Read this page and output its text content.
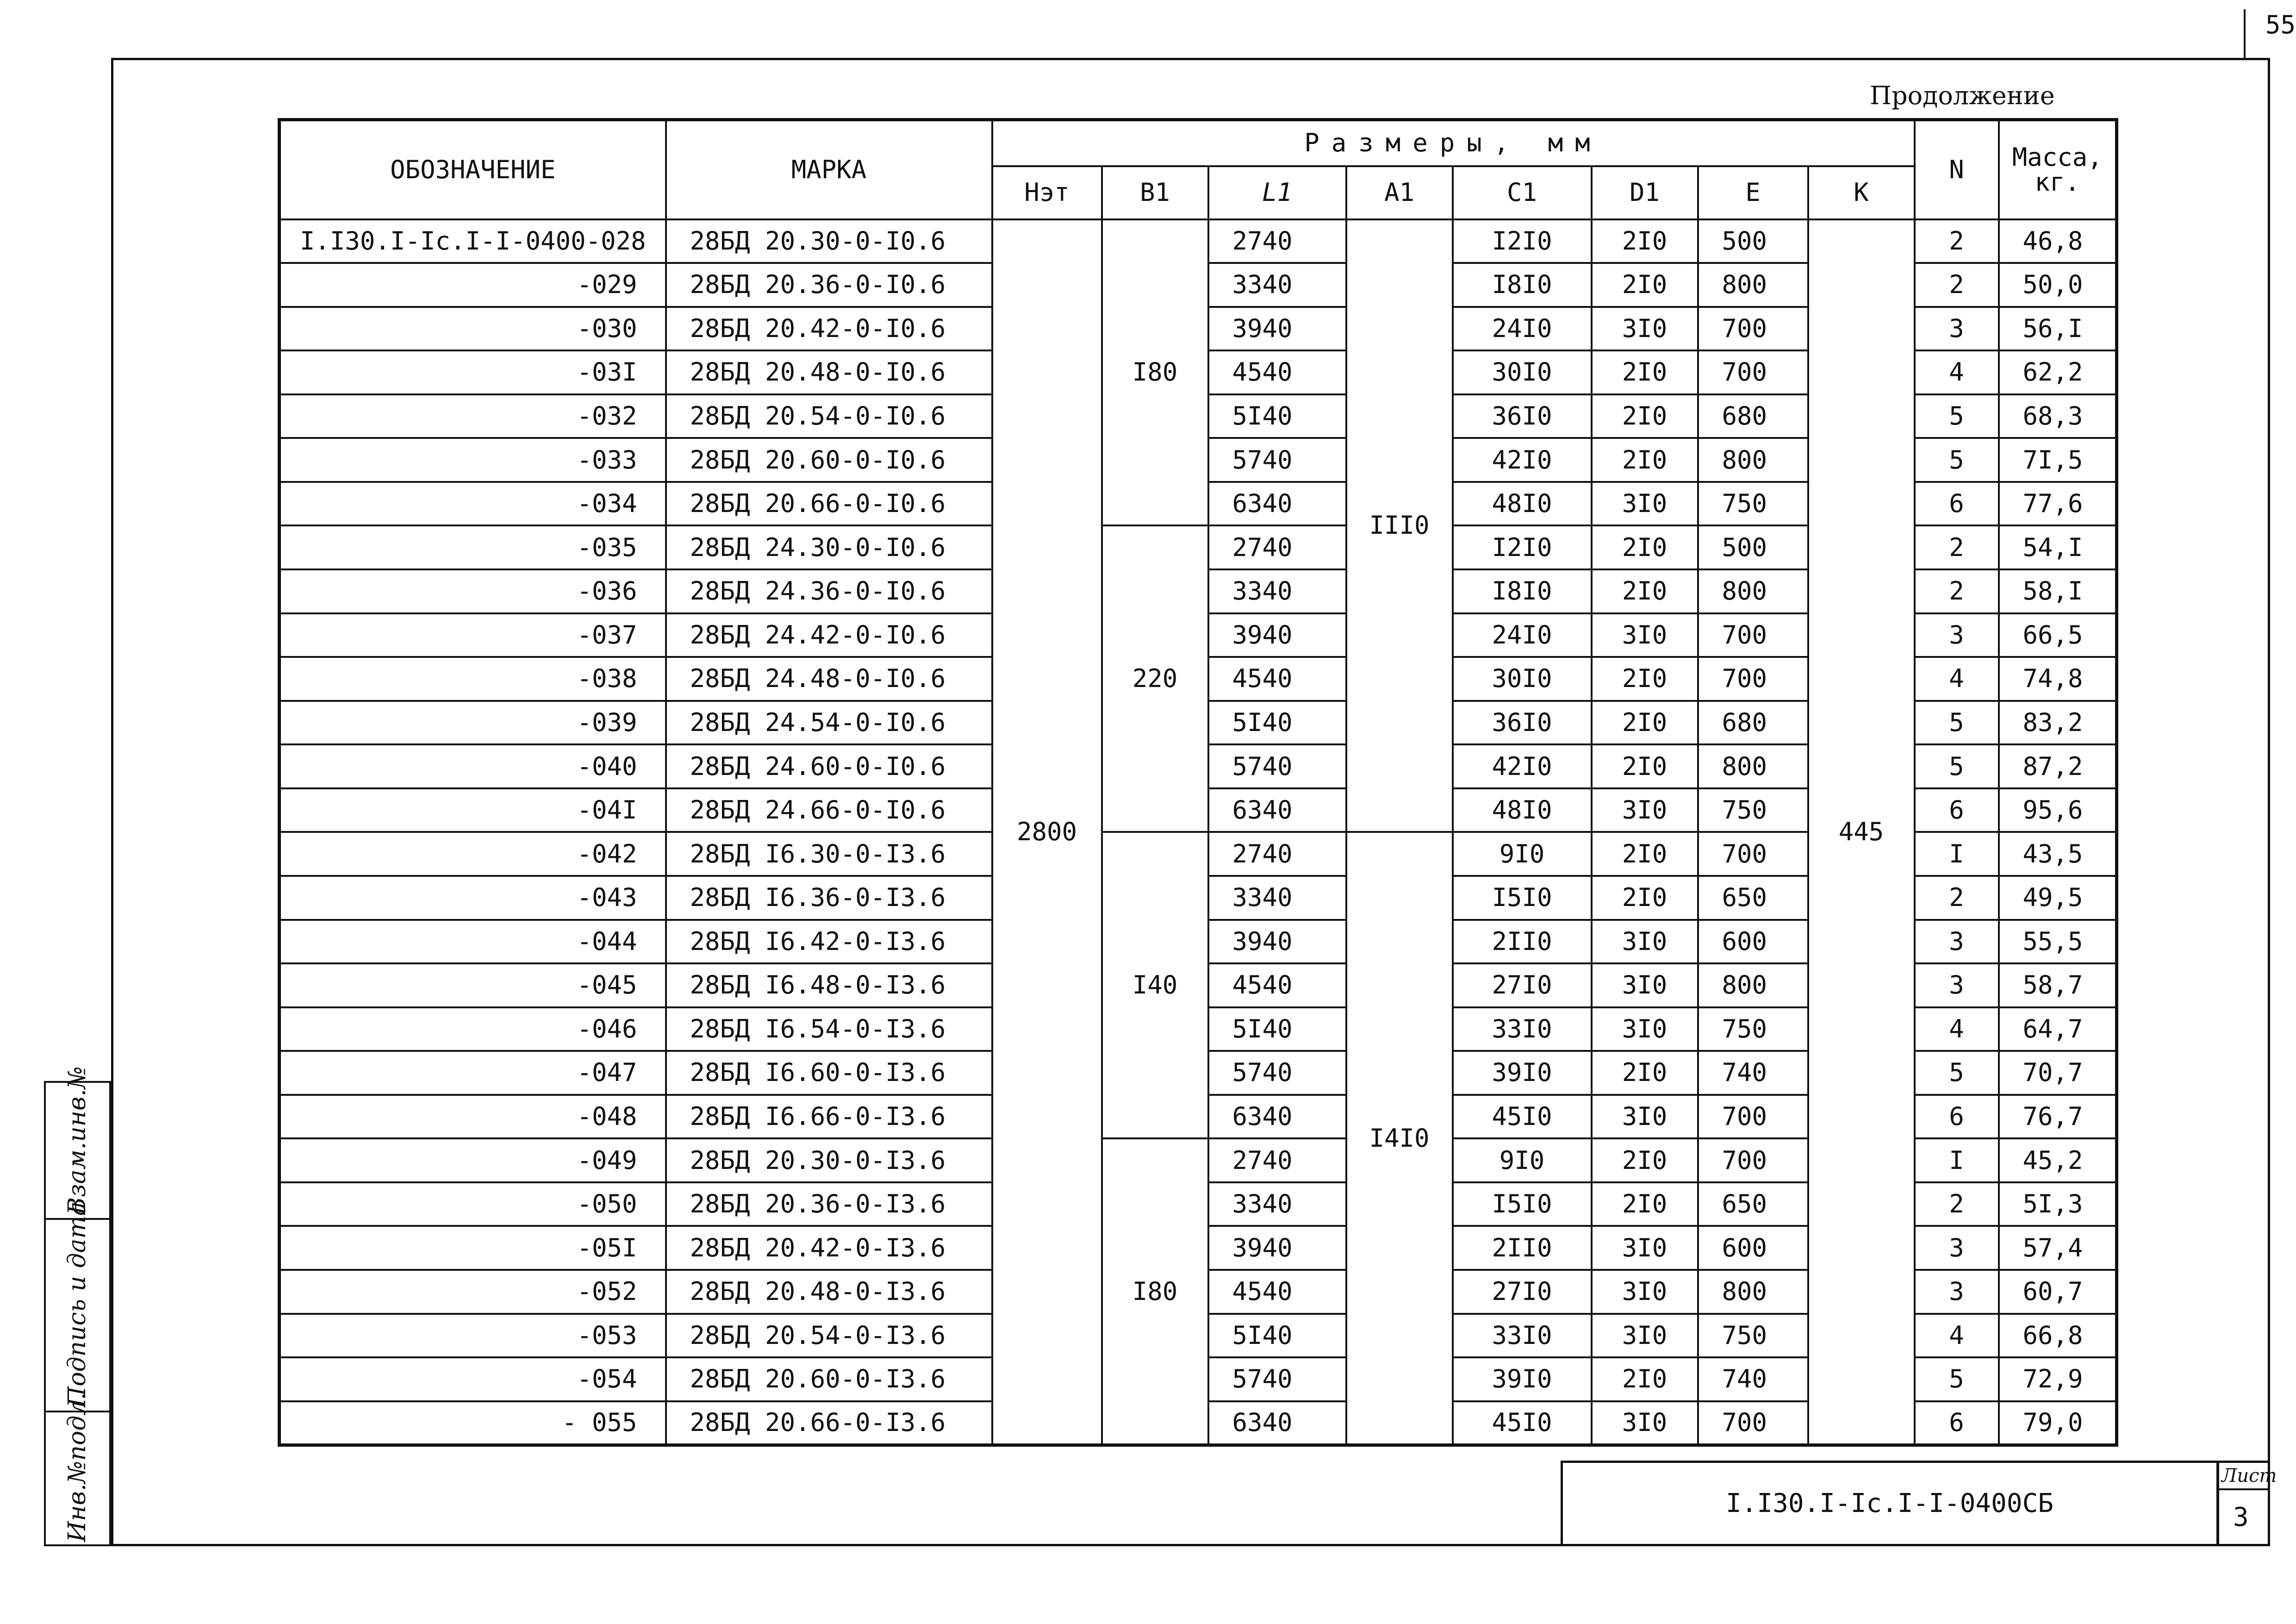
55
Продолжение
ОБОЗНАЧЕНИЕ	МАРКА	Размеры, мм								N	Масса, кг.
		Нэт	В1	L1	А1	С1	D1	Е	К		
I.I30.I-Iс.I-I-0400-028	28БД 20.30-0-I0.6	2800	I80	2740	III0	I2I0	2I0	500	445	2	46,8
-029	28БД 20.36-0-I0.6			3340		I8I0	2I0	800		2	50,0
-030	28БД 20.42-0-I0.6			3940		24I0	3I0	700		3	56,I
-03I	28БД 20.48-0-I0.6			4540		30I0	2I0	700		4	62,2
-032	28БД 20.54-0-I0.6			5I40		36I0	2I0	680		5	68,3
-033	28БД 20.60-0-I0.6			5740		42I0	2I0	800		5	7I,5
-034	28БД 20.66-0-I0.6			6340		48I0	3I0	750		6	77,6
-035	28БД 24.30-0-I0.6		220	2740		I2I0	2I0	500		2	54,I
-036	28БД 24.36-0-I0.6			3340		I8I0	2I0	800		2	58,I
-037	28БД 24.42-0-I0.6			3940		24I0	3I0	700		3	66,5
-038	28БД 24.48-0-I0.6			4540		30I0	2I0	700		4	74,8
-039	28БД 24.54-0-I0.6			5I40		36I0	2I0	680		5	83,2
-040	28БД 24.60-0-I0.6			5740		42I0	2I0	800		5	87,2
-04I	28БД 24.66-0-I0.6			6340		48I0	3I0	750		6	95,6
-042	28БД I6.30-0-I3.6		I40	2740	I4I0	9I0	2I0	700		I	43,5
-043	28БД I6.36-0-I3.6			3340		I5I0	2I0	650		2	49,5
-044	28БД I6.42-0-I3.6			3940		2II0	3I0	600		3	55,5
-045	28БД I6.48-0-I3.6			4540		27I0	3I0	800		3	58,7
-046	28БД I6.54-0-I3.6			5I40		33I0	3I0	750		4	64,7
-047	28БД I6.60-0-I3.6			5740		39I0	2I0	740		5	70,7
-048	28БД I6.66-0-I3.6			6340		45I0	3I0	700		6	76,7
-049	28БД 20.30-0-I3.6		I80	2740		9I0	2I0	700		I	45,2
-050	28БД 20.36-0-I3.6			3340		I5I0	2I0	650		2	5I,3
-05I	28БД 20.42-0-I3.6			3940		2II0	3I0	600		3	57,4
-052	28БД 20.48-0-I3.6			4540		27I0	3I0	800		3	60,7
-053	28БД 20.54-0-I3.6			5I40		33I0	3I0	750		4	66,8
-054	28БД 20.60-0-I3.6			5740		39I0	2I0	740		5	72,9
- 055	28БД 20.66-0-I3.6			6340		45I0	3I0	700		6	79,0
Взам.инв.№
Подпись и дата
Инв.№подл.	I.I30.I-Iс.I-I-0400СБ
Лист
3
